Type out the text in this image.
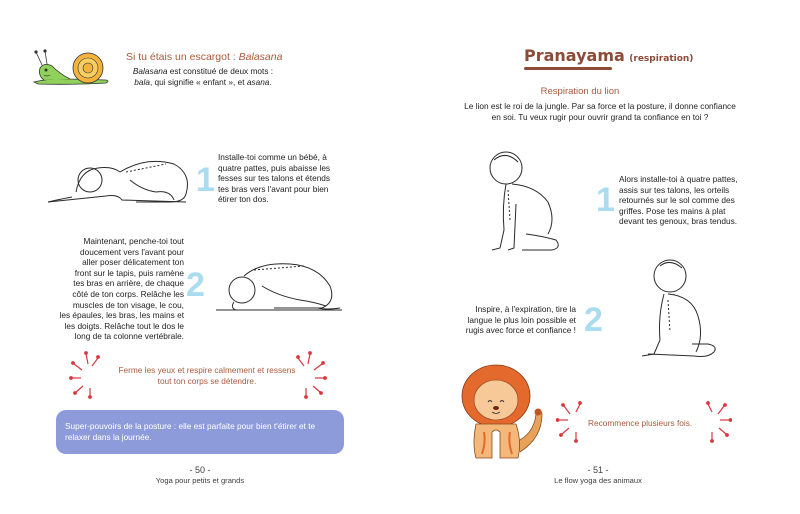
Si tu étais un escargot : Balasana
Balasana est constitué de deux mots :
bala, qui signifie « enfant », et asana.
1
Installe-toi comme un bébé, à
quatre pattes, puis abaisse les
fesses sur tes talons et étends
tes bras vers l'avant pour bien
étirer ton dos.
Maintenant, penche-toi tout
doucement vers l'avant pour
aller poser délicatement ton
front sur le tapis, puis ramène
tes bras en arrière, de chaque
côté de ton corps. Relâche les
muscles de ton visage, le cou,
les épaules, les bras, les mains et
les doigts. Relâche tout le dos le
long de ta colonne vertébrale.
2
Ferme les yeux et respire calmement et ressens
tout ton corps se détendre.
Super-pouvoirs de la posture : elle est parfaite pour bien t'étirer et te
relaxer dans la journée.
- 50 -
Yoga pour petits et grands
Pranayama (respiration)
Respiration du lion
Le lion est le roi de la jungle. Par sa force et la posture, il donne confiance
en soi. Tu veux rugir pour ouvrir grand ta confiance en toi ?
1
Alors installe-toi à quatre pattes,
assis sur tes talons, les orteils
retournés sur le sol comme des
griffes. Pose tes mains à plat
devant tes genoux, bras tendus.
Inspire, à l'expiration, tire la
langue le plus loin possible et
rugis avec force et confiance ! 2
Recommence plusieurs fois.
- 51 -
Le flow yoga des animaux
